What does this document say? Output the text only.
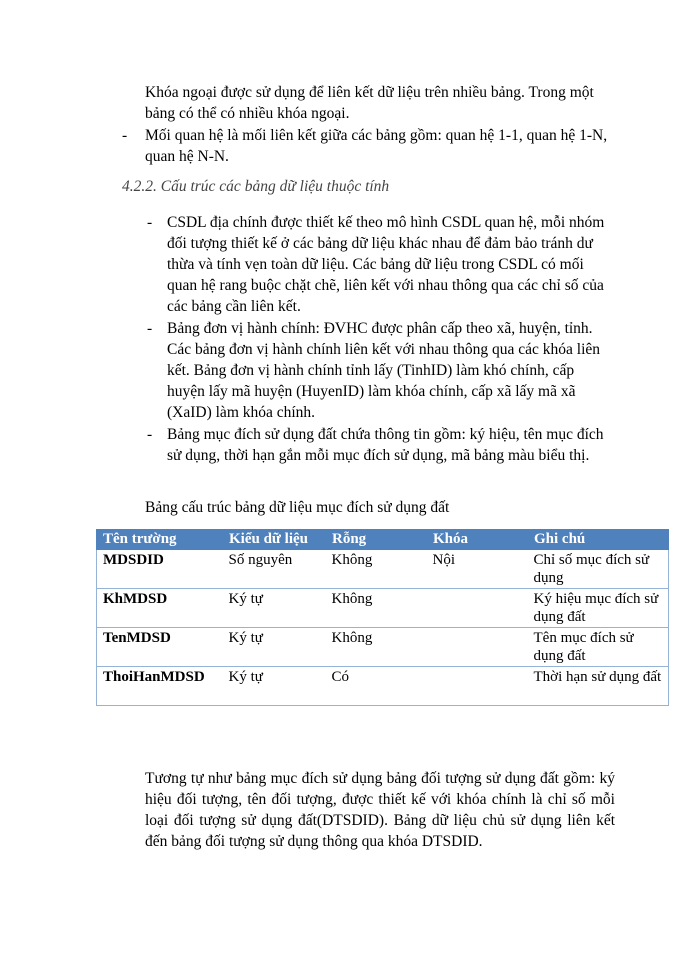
Khóa ngoại được sử dụng để liên kết dữ liệu trên nhiều bảng. Trong một bảng có thể có nhiều khóa ngoại.

- Mối quan hệ là mối liên kết giữa các bảng gồm: quan hệ 1-1, quan hệ 1-N, quan hệ N-N.
4.2.2. Cấu trúc các bảng dữ liệu thuộc tính
- CSDL địa chính được thiết kế theo mô hình CSDL quan hệ, mỗi nhóm đối tượng thiết kế ở các bảng dữ liệu khác nhau để đảm bảo tránh dư thừa và tính vẹn toàn dữ liệu. Các bảng dữ liệu trong CSDL có mối quan hệ rang buộc chặt chẽ, liên kết với nhau thông qua các chỉ số của các bảng cần liên kết.
- Bảng đơn vị hành chính: ĐVHC được phân cấp theo xã, huyện, tỉnh. Các bảng đơn vị hành chính liên kết với nhau thông qua các khóa liên kết. Bảng đơn vị hành chính tỉnh lấy (TinhID) làm khó chính, cấp huyện lấy mã huyện (HuyenID) làm khóa chính, cấp xã lấy mã xã (XaID) làm khóa chính.
- Bảng mục đích sử dụng đất chứa thông tin gồm: ký hiệu, tên mục đích sử dụng, thời hạn gắn mỗi mục đích sử dụng, mã bảng màu biểu thị.

Bảng cấu trúc bảng dữ liệu mục đích sử dụng đất

Tên trường	Kiểu dữ liệu	Rỗng	Khóa	Ghi chú
MDSDID	Số nguyên	Không	Nội	Chỉ số mục đích sử dụng
KhMDSD	Ký tự	Không		Ký hiệu mục đích sử dụng đất
TenMDSD	Ký tự	Không		Tên mục đích sử dụng đất
ThoiHanMDSD	Ký tự	Có		Thời hạn sử dụng đất

Tương tự như bảng mục đích sử dụng bảng đối tượng sử dụng đất gồm: ký hiệu đối tượng, tên đối tượng, được thiết kế với khóa chính là chỉ số mỗi loại đối tượng sử dụng đất(DTSDID). Bảng dữ liệu chủ sử dụng liên kết đến bảng đối tượng sử dụng thông qua khóa DTSDID.
